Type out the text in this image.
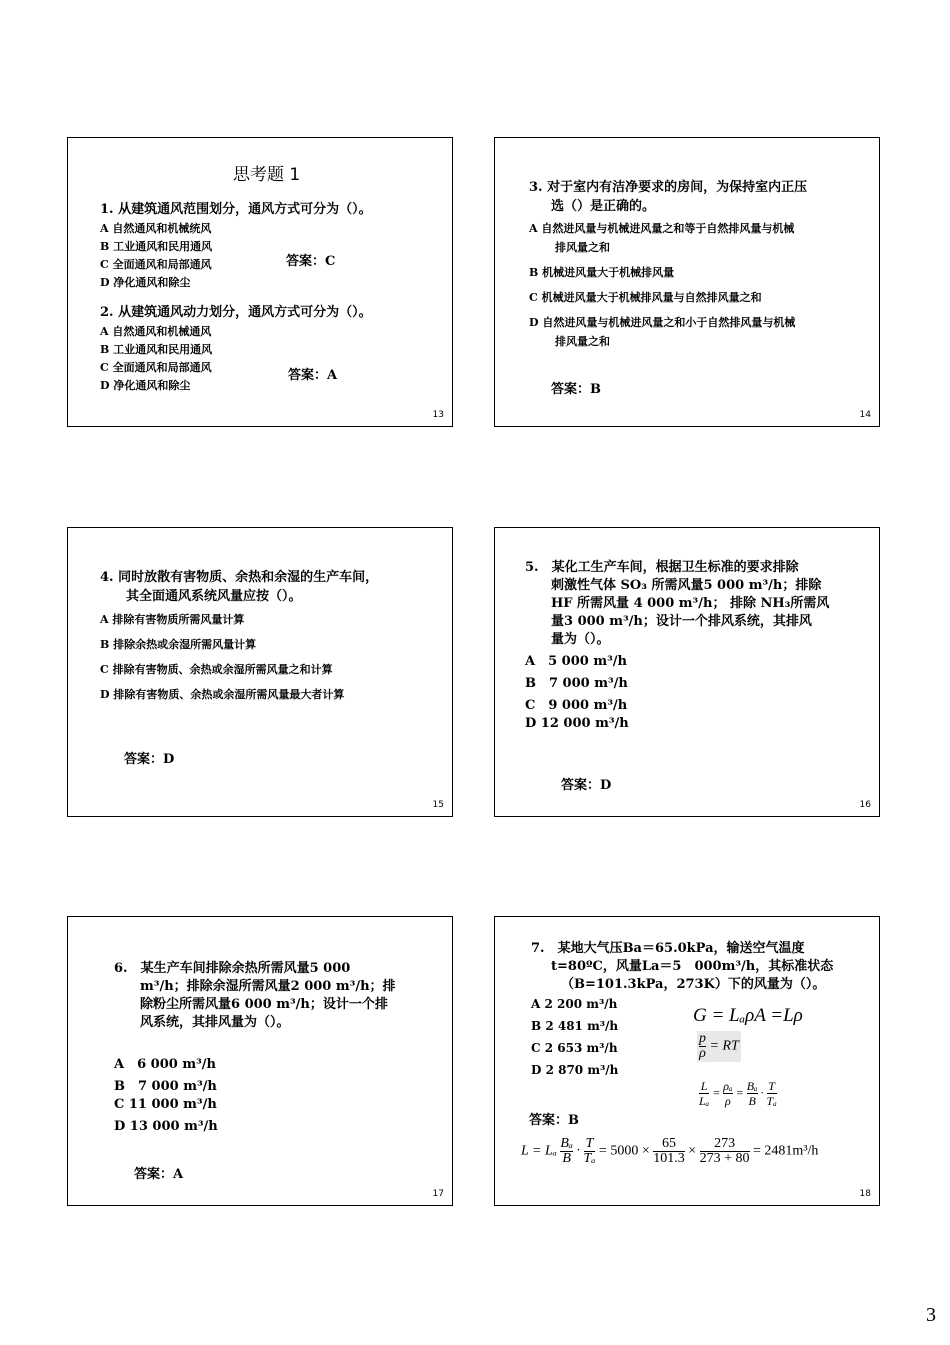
思考题 1
1. 从建筑通风范围划分，通风方式可分为（）。
A 自然通风和机械统风
B 工业通风和民用通风
C 全面通风和局部通风
D 净化通风和除尘
答案：C
2. 从建筑通风动力划分，通风方式可分为（）。
A 自然通风和机械通风
B 工业通风和民用通风
C 全面通风和局部通风
D 净化通风和除尘
答案：A
13
3. 对于室内有洁净要求的房间，为保持室内正压
选（）是正确的。
A 自然进风量与机械进风量之和等于自然排风量与机械
排风量之和
B 机械进风量大于机械排风量
C 机械进风量大于机械排风量与自然排风量之和
D 自然进风量与机械进风量之和小于自然排风量与机械
排风量之和
答案：B
14
4. 同时放散有害物质、余热和余湿的生产车间，
其全面通风系统风量应按（）。
A 排除有害物质所需风量计算
B 排除余热或余湿所需风量计算
C 排除有害物质、余热或余湿所需风量之和计算
D 排除有害物质、余热或余湿所需风量最大者计算
答案：D
15
5.　某化工生产车间，根据卫生标准的要求排除
刺激性气体 SO₃ 所需风量5 000 m³/h；排除
HF 所需风量 4 000 m³/h； 排除 NH₃所需风
量3 000 m³/h；设计一个排风系统，其排风
量为（）。
A　5 000 m³/h
B　7 000 m³/h
C　9 000 m³/h
D 12 000 m³/h
答案：D
16
6.　某生产车间排除余热所需风量5 000
m³/h；排除余湿所需风量2 000 m³/h；排
除粉尘所需风量6 000 m³/h；设计一个排
风系统，其排风量为（）。
A　6 000 m³/h
B　7 000 m³/h
C 11 000 m³/h
D 13 000 m³/h
答案：A
17
7.　某地大气压Ba＝65.0kPa，输送空气温度
t=80ºC，风量La＝5　000m³/h，其标准状态
（B=101.3kPa，273K）下的风量为（）。
A 2 200 m³/h
B 2 481 m³/h
C 2 653 m³/h
D 2 870 m³/h
答案：B
G = LₐρA =Lρ
$\frac{p}{\rho}$ = RT
$\frac{L}{\text{Lₐ}} = \frac{\text{ρₐ}}{\rho} = \frac{\text{Bₐ}}{B} \cdot \frac{T}{\text{Tₐ}}$
L = Lₐ $\frac{\text{Bₐ}}{B} \cdot \frac{T}{\text{Tₐ}} = 5000 \times \frac{65}{101.3} \times \frac{273}{273 + 80} = 2481m^3/h$
18
3
